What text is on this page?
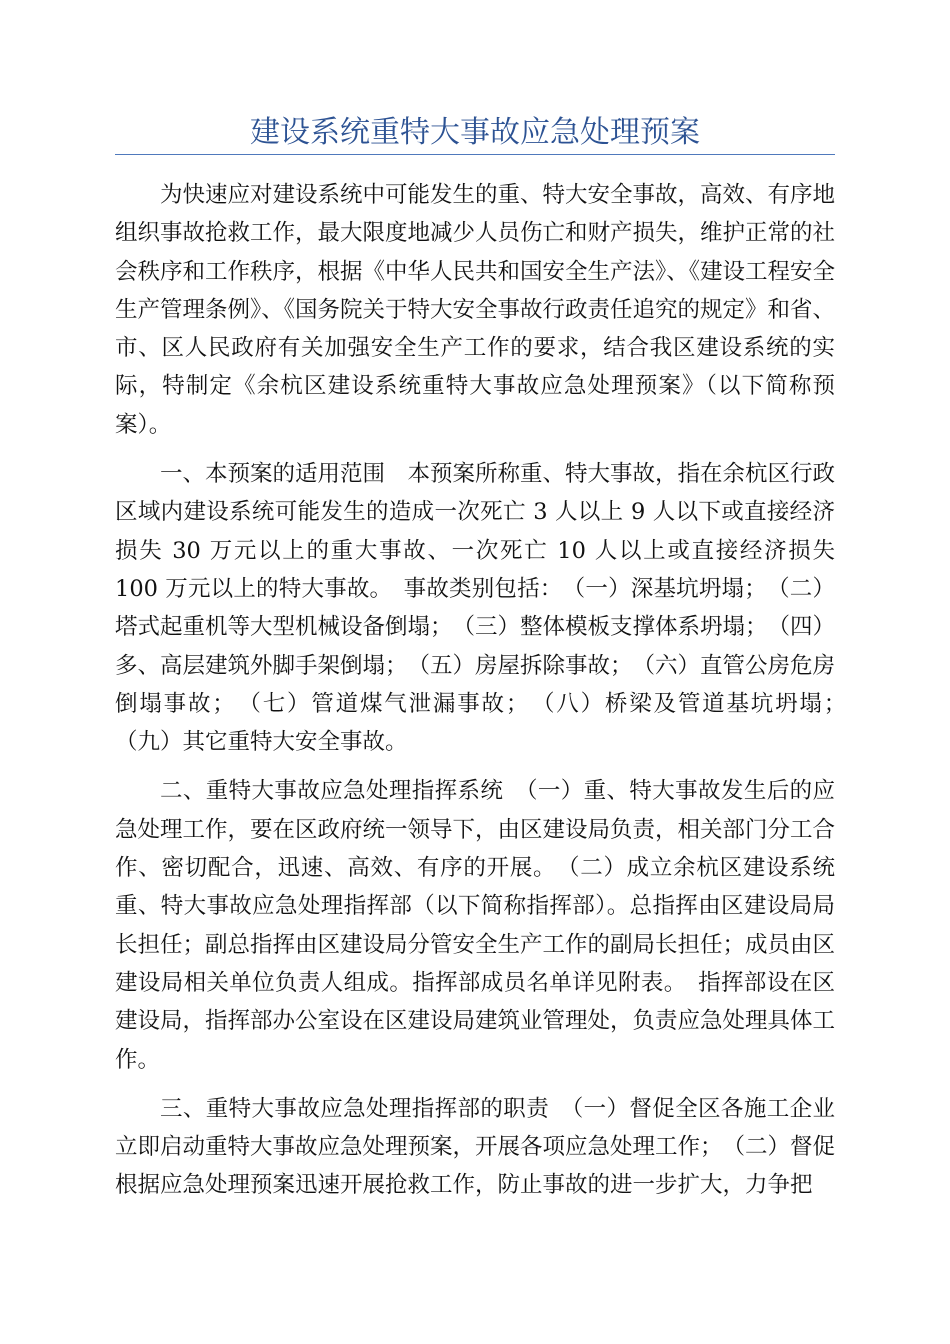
建设系统重特大事故应急处理预案

为快速应对建设系统中可能发生的重、特大安全事故，高效、有序地组织事故抢救工作，最大限度地减少人员伤亡和财产损失，维护正常的社会秩序和工作秩序，根据《中华人民共和国安全生产法》、《建设工程安全生产管理条例》、《国务院关于特大安全事故行政责任追究的规定》和省、市、区人民政府有关加强安全生产工作的要求，结合我区建设系统的实际，特制定《余杭区建设系统重特大事故应急处理预案》（以下简称预案）。

一、本预案的适用范围　本预案所称重、特大事故，指在余杭区行政区域内建设系统可能发生的造成一次死亡 3 人以上 9 人以下或直接经济损失 30 万元以上的重大事故、一次死亡 10 人以上或直接经济损失 100 万元以上的特大事故。　事故类别包括：　（一）深基坑坍塌；　（二）塔式起重机等大型机械设备倒塌；　（三）整体模板支撑体系坍塌；　（四）多、高层建筑外脚手架倒塌；　（五）房屋拆除事故；　（六）直管公房危房倒塌事故；　（七）管道煤气泄漏事故；　（八）桥梁及管道基坑坍塌；　（九）其它重特大安全事故。

二、重特大事故应急处理指挥系统　（一）重、特大事故发生后的应急处理工作，要在区政府统一领导下，由区建设局负责，相关部门分工合作、密切配合，迅速、高效、有序的开展。　（二）成立余杭区建设系统重、特大事故应急处理指挥部（以下简称指挥部）。总指挥由区建设局局长担任；副总指挥由区建设局分管安全生产工作的副局长担任；成员由区建设局相关单位负责人组成。指挥部成员名单详见附表。　指挥部设在区建设局，指挥部办公室设在区建设局建筑业管理处，负责应急处理具体工作。

三、重特大事故应急处理指挥部的职责　（一）督促全区各施工企业立即启动重特大事故应急处理预案，开展各项应急处理工作；　（二）督促根据应急处理预案迅速开展抢救工作，防止事故的进一步扩大，力争把
